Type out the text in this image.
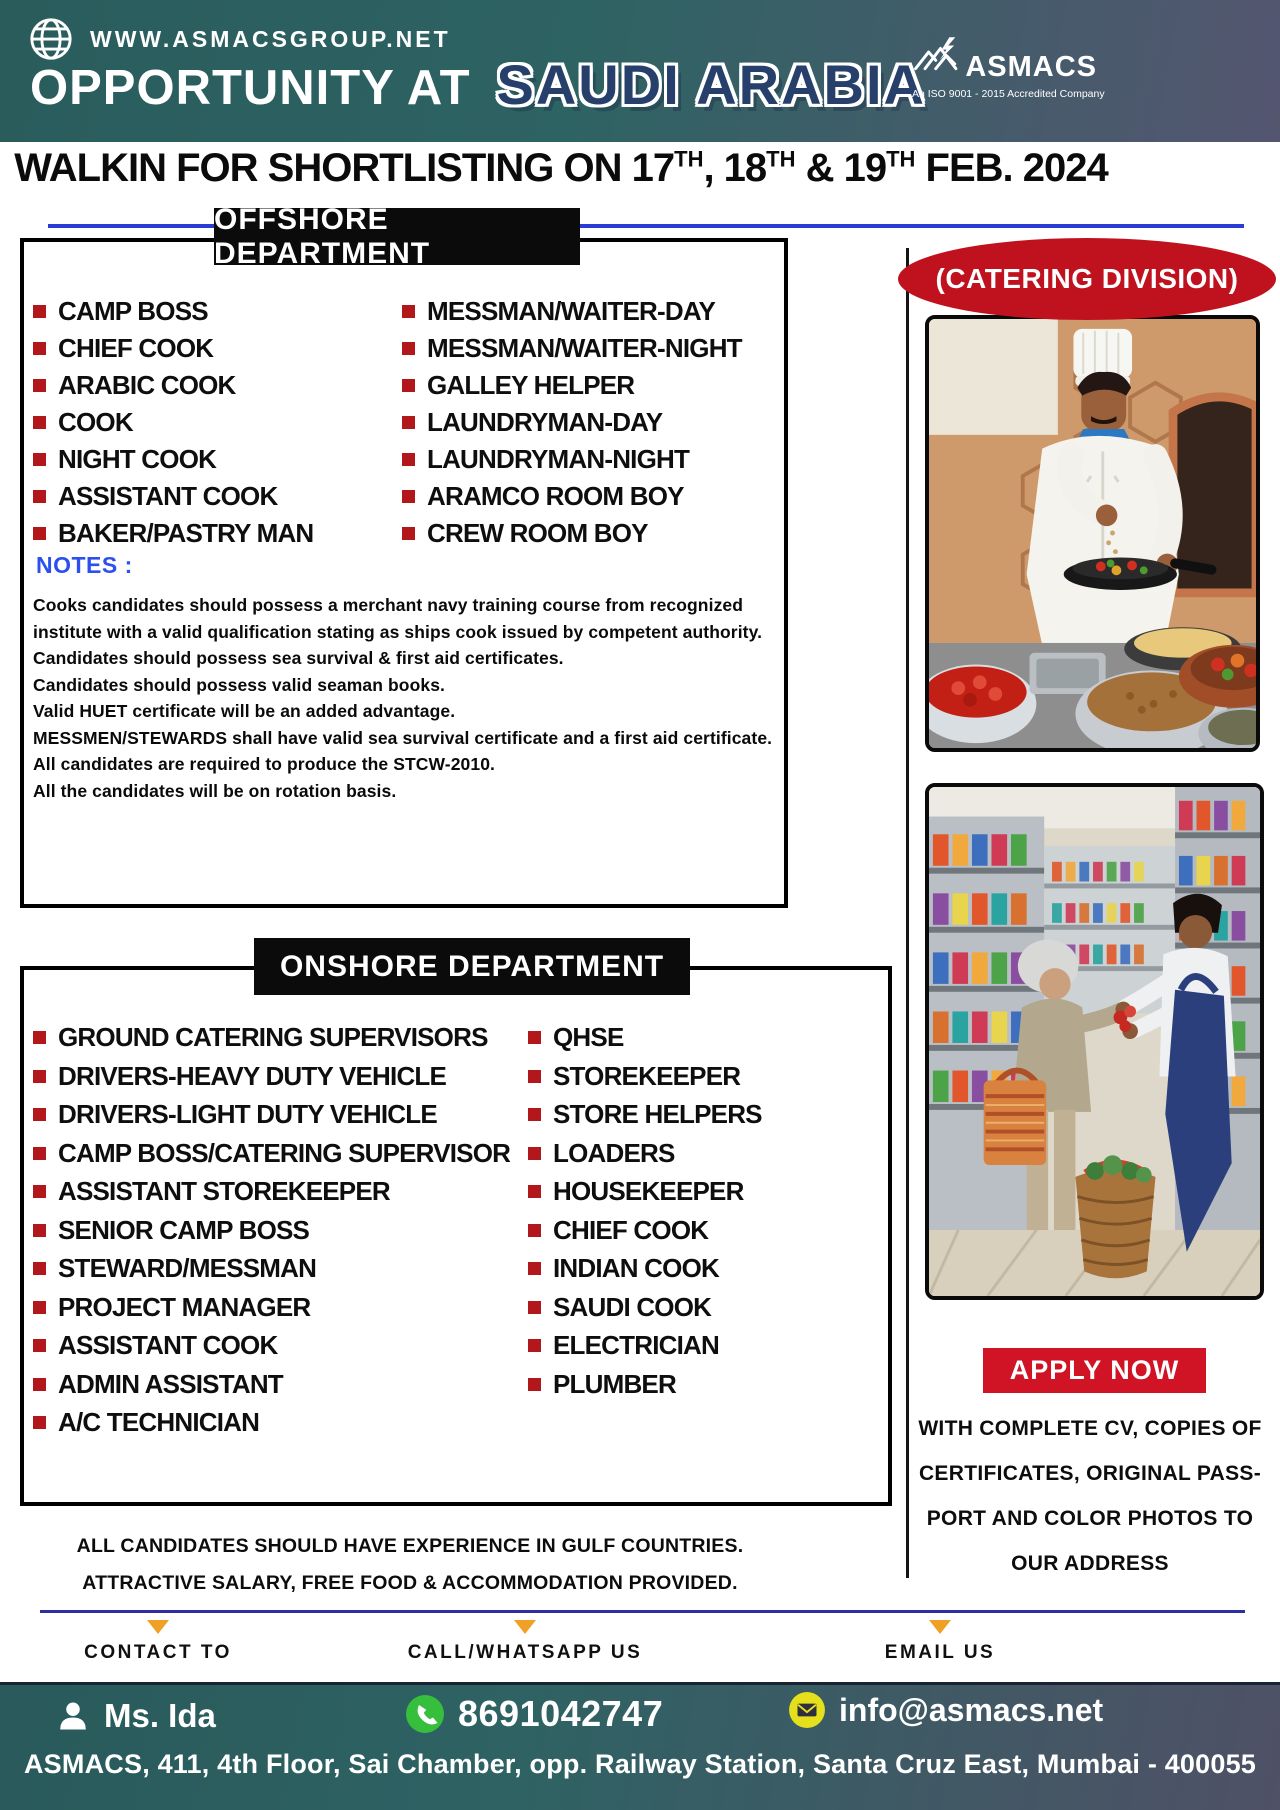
WWW.ASMACSGROUP.NET
OPPORTUNITY AT SAUDI ARABIA ASMACS
An ISO 9001 - 2015 Accredited Company
WALKIN FOR SHORTLISTING ON 17TH, 18TH & 19TH FEB. 2024
OFFSHORE DEPARTMENT
CAMP BOSS
CHIEF COOK
ARABIC COOK
COOK
NIGHT COOK
ASSISTANT COOK
BAKER/PASTRY MAN
MESSMAN/WAITER-DAY
MESSMAN/WAITER-NIGHT
GALLEY HELPER
LAUNDRYMAN-DAY
LAUNDRYMAN-NIGHT
ARAMCO ROOM BOY
CREW ROOM BOY
NOTES :
Cooks candidates should possess a merchant navy training course from recognized
institute with a valid qualification stating as ships cook issued by competent authority.
Candidates should possess sea survival & first aid certificates.
Candidates should possess valid seaman books.
Valid HUET certificate will be an added advantage.
MESSMEN/STEWARDS shall have valid sea survival certificate and a first aid certificate.
All candidates are required to produce the STCW-2010.
All the candidates will be on rotation basis.
ONSHORE DEPARTMENT
GROUND CATERING SUPERVISORS
DRIVERS-HEAVY DUTY VEHICLE
DRIVERS-LIGHT DUTY VEHICLE
CAMP BOSS/CATERING SUPERVISOR
ASSISTANT STOREKEEPER
SENIOR CAMP BOSS
STEWARD/MESSMAN
PROJECT MANAGER
ASSISTANT COOK
ADMIN ASSISTANT
A/C TECHNICIAN
QHSE
STOREKEEPER
STORE HELPERS
LOADERS
HOUSEKEEPER
CHIEF COOK
INDIAN COOK
SAUDI COOK
ELECTRICIAN
PLUMBER
(CATERING DIVISION)
APPLY NOW
WITH COMPLETE CV, COPIES OF
CERTIFICATES, ORIGINAL PASS-
PORT AND COLOR PHOTOS TO
OUR ADDRESS
ALL CANDIDATES SHOULD HAVE EXPERIENCE IN GULF COUNTRIES.
ATTRACTIVE SALARY, FREE FOOD & ACCOMMODATION PROVIDED.
CONTACT TO	CALL/WHATSAPP US	EMAIL US
Ms. Ida	8691042747	info@asmacs.net
ASMACS, 411, 4th Floor, Sai Chamber, opp. Railway Station, Santa Cruz East, Mumbai - 400055
